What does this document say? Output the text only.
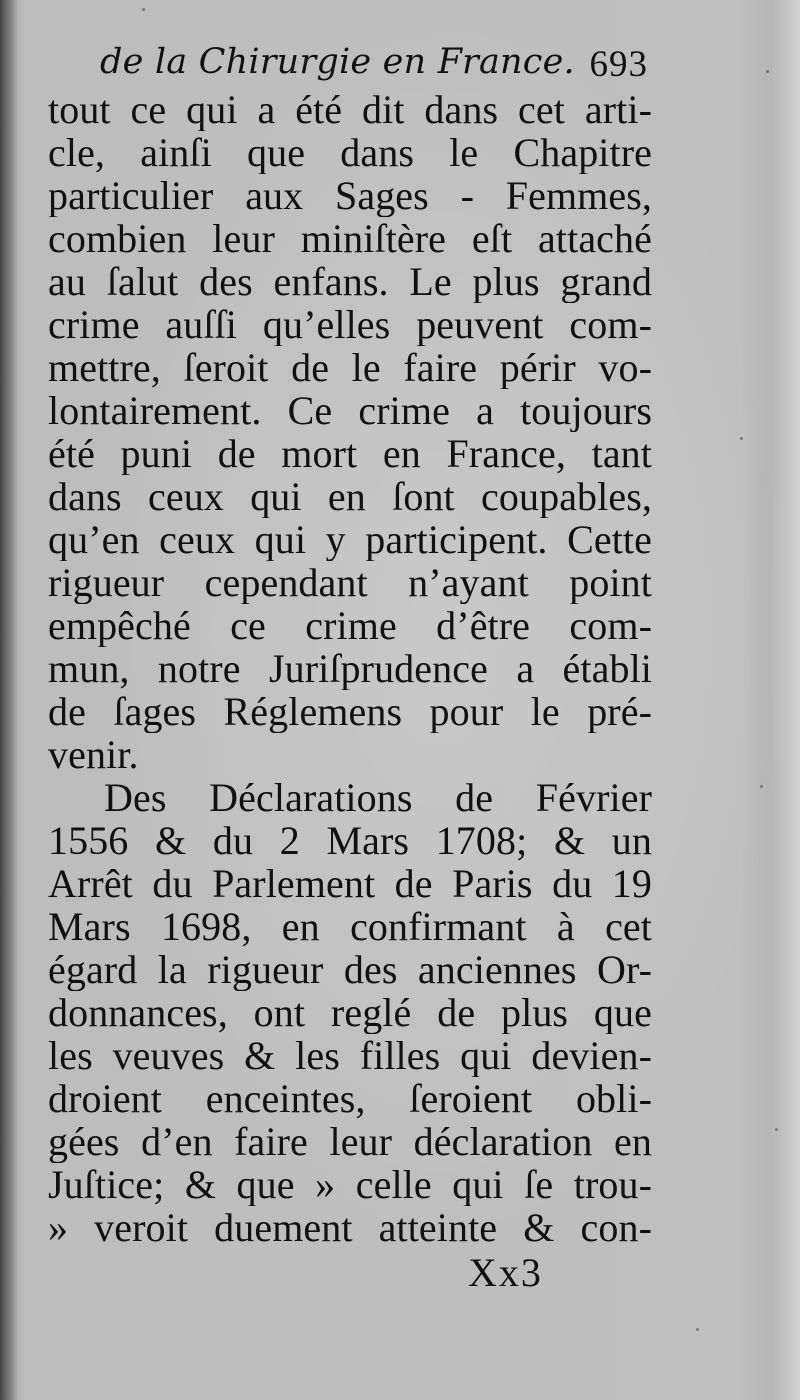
de la Chirurgie en France. 693
tout ce qui a été dit dans cet arti-
cle, ainſi que dans le Chapitre
particulier aux Sages - Femmes,
combien leur miniſtère eſt attaché
au ſalut des enfans. Le plus grand
crime auſſi qu’elles peuvent com-
mettre, ſeroit de le faire périr vo-
lontairement. Ce crime a toujours
été puni de mort en France, tant
dans ceux qui en ſont coupables,
qu’en ceux qui y participent. Cette
rigueur cependant n’ayant point
empêché ce crime d’être com-
mun, notre Juriſprudence a établi
de ſages Réglemens pour le pré-
venir.
Des Déclarations de Février
1556 & du 2 Mars 1708; & un
Arrêt du Parlement de Paris du 19
Mars 1698, en confirmant à cet
égard la rigueur des anciennes Or-
donnances, ont reglé de plus que
les veuves & les filles qui devien-
droient enceintes, ſeroient obli-
gées d’en faire leur déclaration en
Juſtice; & que » celle qui ſe trou-
» veroit duement atteinte & con-
Xx3
